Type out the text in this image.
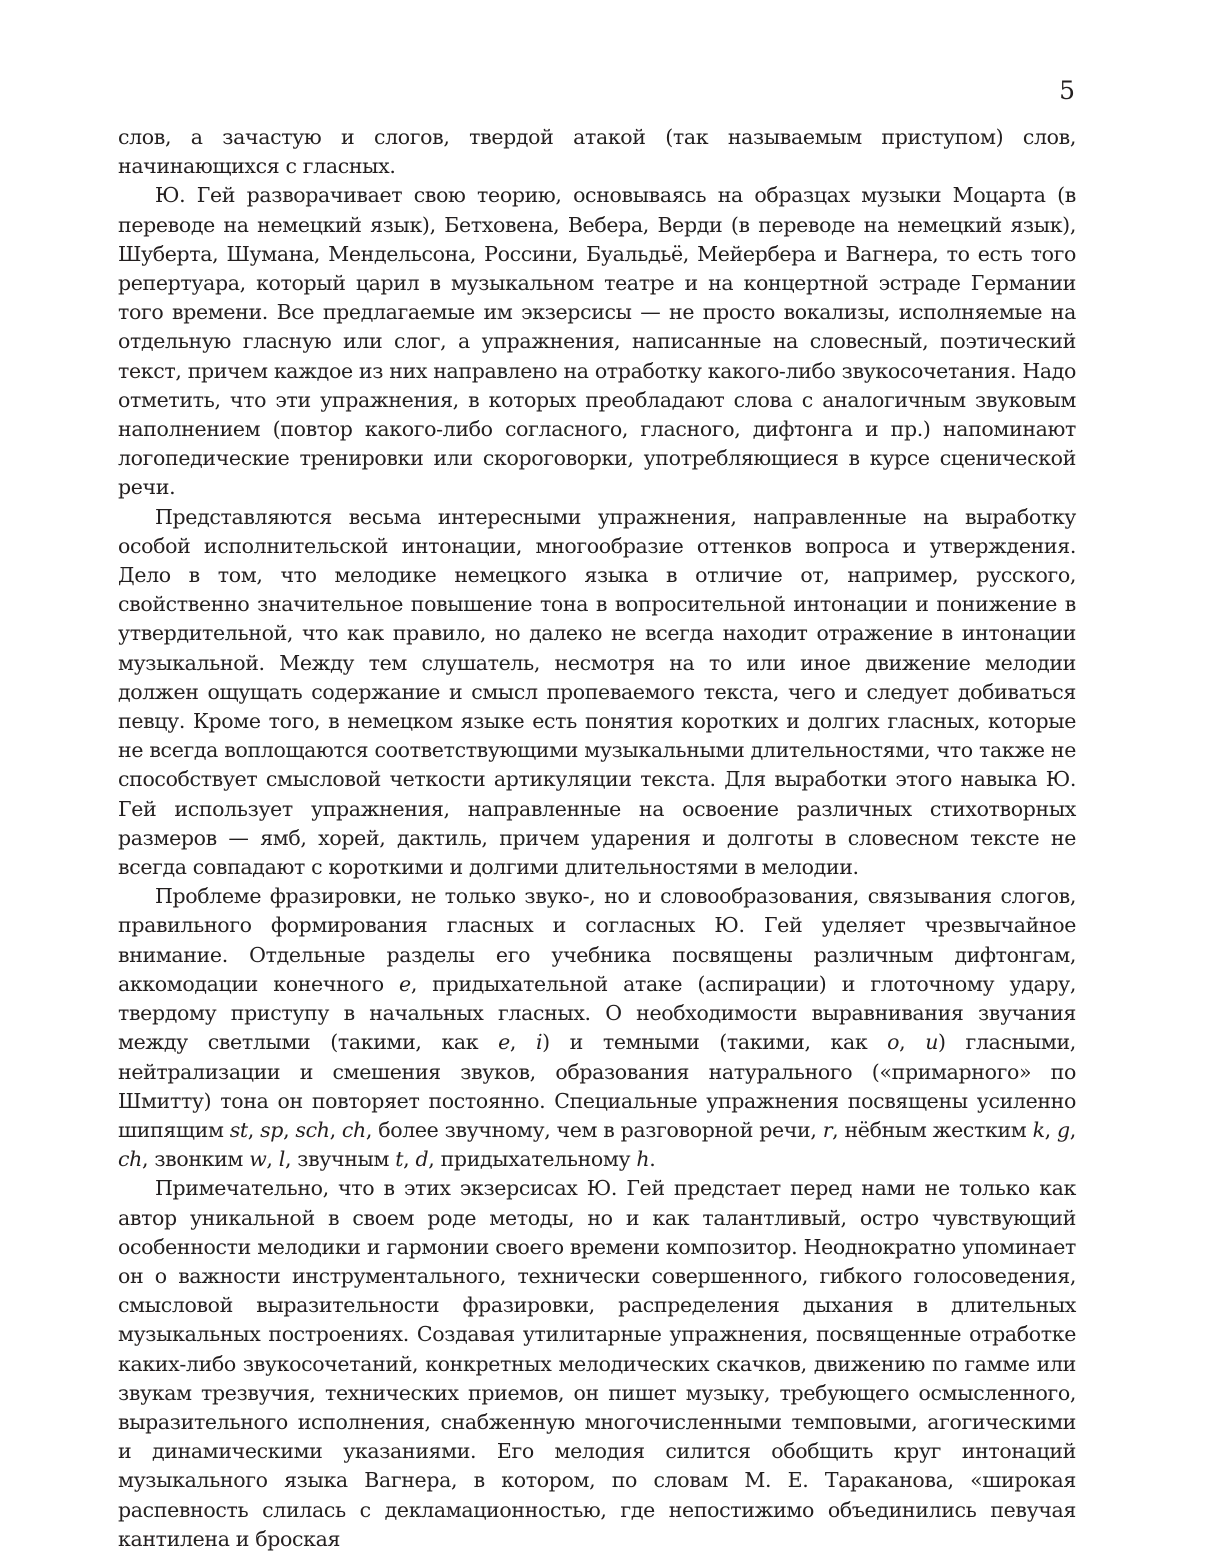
5

слов, а зачастую и слогов, твердой атакой (так называемым приступом) слов, начинающихся с гласных.

Ю. Гей разворачивает свою теорию, основываясь на образцах музыки Моцарта (в переводе на немецкий язык), Бетховена, Вебера, Верди (в переводе на немецкий язык), Шуберта, Шумана, Мендельсона, Россини, Буальдьё, Мейербера и Вагнера, то есть того репертуара, который царил в музыкальном театре и на концертной эстраде Германии того времени. Все предлагаемые им экзерсисы — не просто вокализы, исполняемые на отдельную гласную или слог, а упражнения, написанные на словесный, поэтический текст, причем каждое из них направлено на отработку какого-либо звукосочетания. Надо отметить, что эти упражнения, в которых преобладают слова с аналогичным звуковым наполнением (повтор какого-либо согласного, гласного, дифтонга и пр.) напоминают логопедические тренировки или скороговорки, употребляющиеся в курсе сценической речи.

Представляются весьма интересными упражнения, направленные на выработку особой исполнительской интонации, многообразие оттенков вопроса и утверждения. Дело в том, что мелодике немецкого языка в отличие от, например, русского, свойственно значительное повышение тона в вопросительной интонации и понижение в утвердительной, что как правило, но далеко не всегда находит отражение в интонации музыкальной. Между тем слушатель, несмотря на то или иное движение мелодии должен ощущать содержание и смысл пропеваемого текста, чего и следует добиваться певцу. Кроме того, в немецком языке есть понятия коротких и долгих гласных, которые не всегда воплощаются соответствующими музыкальными длительностями, что также не способствует смысловой четкости артикуляции текста. Для выработки этого навыка Ю. Гей использует упражнения, направленные на освоение различных стихотворных размеров — ямб, хорей, дактиль, причем ударения и долготы в словесном тексте не всегда совпадают с короткими и долгими длительностями в мелодии.

Проблеме фразировки, не только звуко-, но и словообразования, связывания слогов, правильного формирования гласных и согласных Ю. Гей уделяет чрезвычайное внимание. Отдельные разделы его учебника посвящены различным дифтонгам, аккомодации конечного e, придыхательной атаке (аспирации) и глоточному удару, твердому приступу в начальных гласных. О необходимости выравнивания звучания между светлыми (такими, как e, i) и темными (такими, как o, u) гласными, нейтрализации и смешения звуков, образования натурального («примарного» по Шмитту) тона он повторяет постоянно. Специальные упражнения посвящены усиленно шипящим st, sp, sch, ch, более звучному, чем в разговорной речи, r, нёбным жестким k, g, ch, звонким w, l, звучным t, d, придыхательному h.

Примечательно, что в этих экзерсисах Ю. Гей предстает перед нами не только как автор уникальной в своем роде методы, но и как талантливый, остро чувствующий особенности мелодики и гармонии своего времени композитор. Неоднократно упоминает он о важности инструментального, технически совершенного, гибкого голосоведения, смысловой выразительности фразировки, распределения дыхания в длительных музыкальных построениях. Создавая утилитарные упражнения, посвященные отработке каких-либо звукосочетаний, конкретных мелодических скачков, движению по гамме или звукам трезвучия, технических приемов, он пишет музыку, требующего осмысленного, выразительного исполнения, снабженную многочисленными темповыми, агогическими и динамическими указаниями. Его мелодия силится обобщить круг интонаций музыкального языка Вагнера, в котором, по словам М. Е. Тараканова, «широкая распевность слилась с декламационностью, где непостижимо объединились певучая кантилена и броская
